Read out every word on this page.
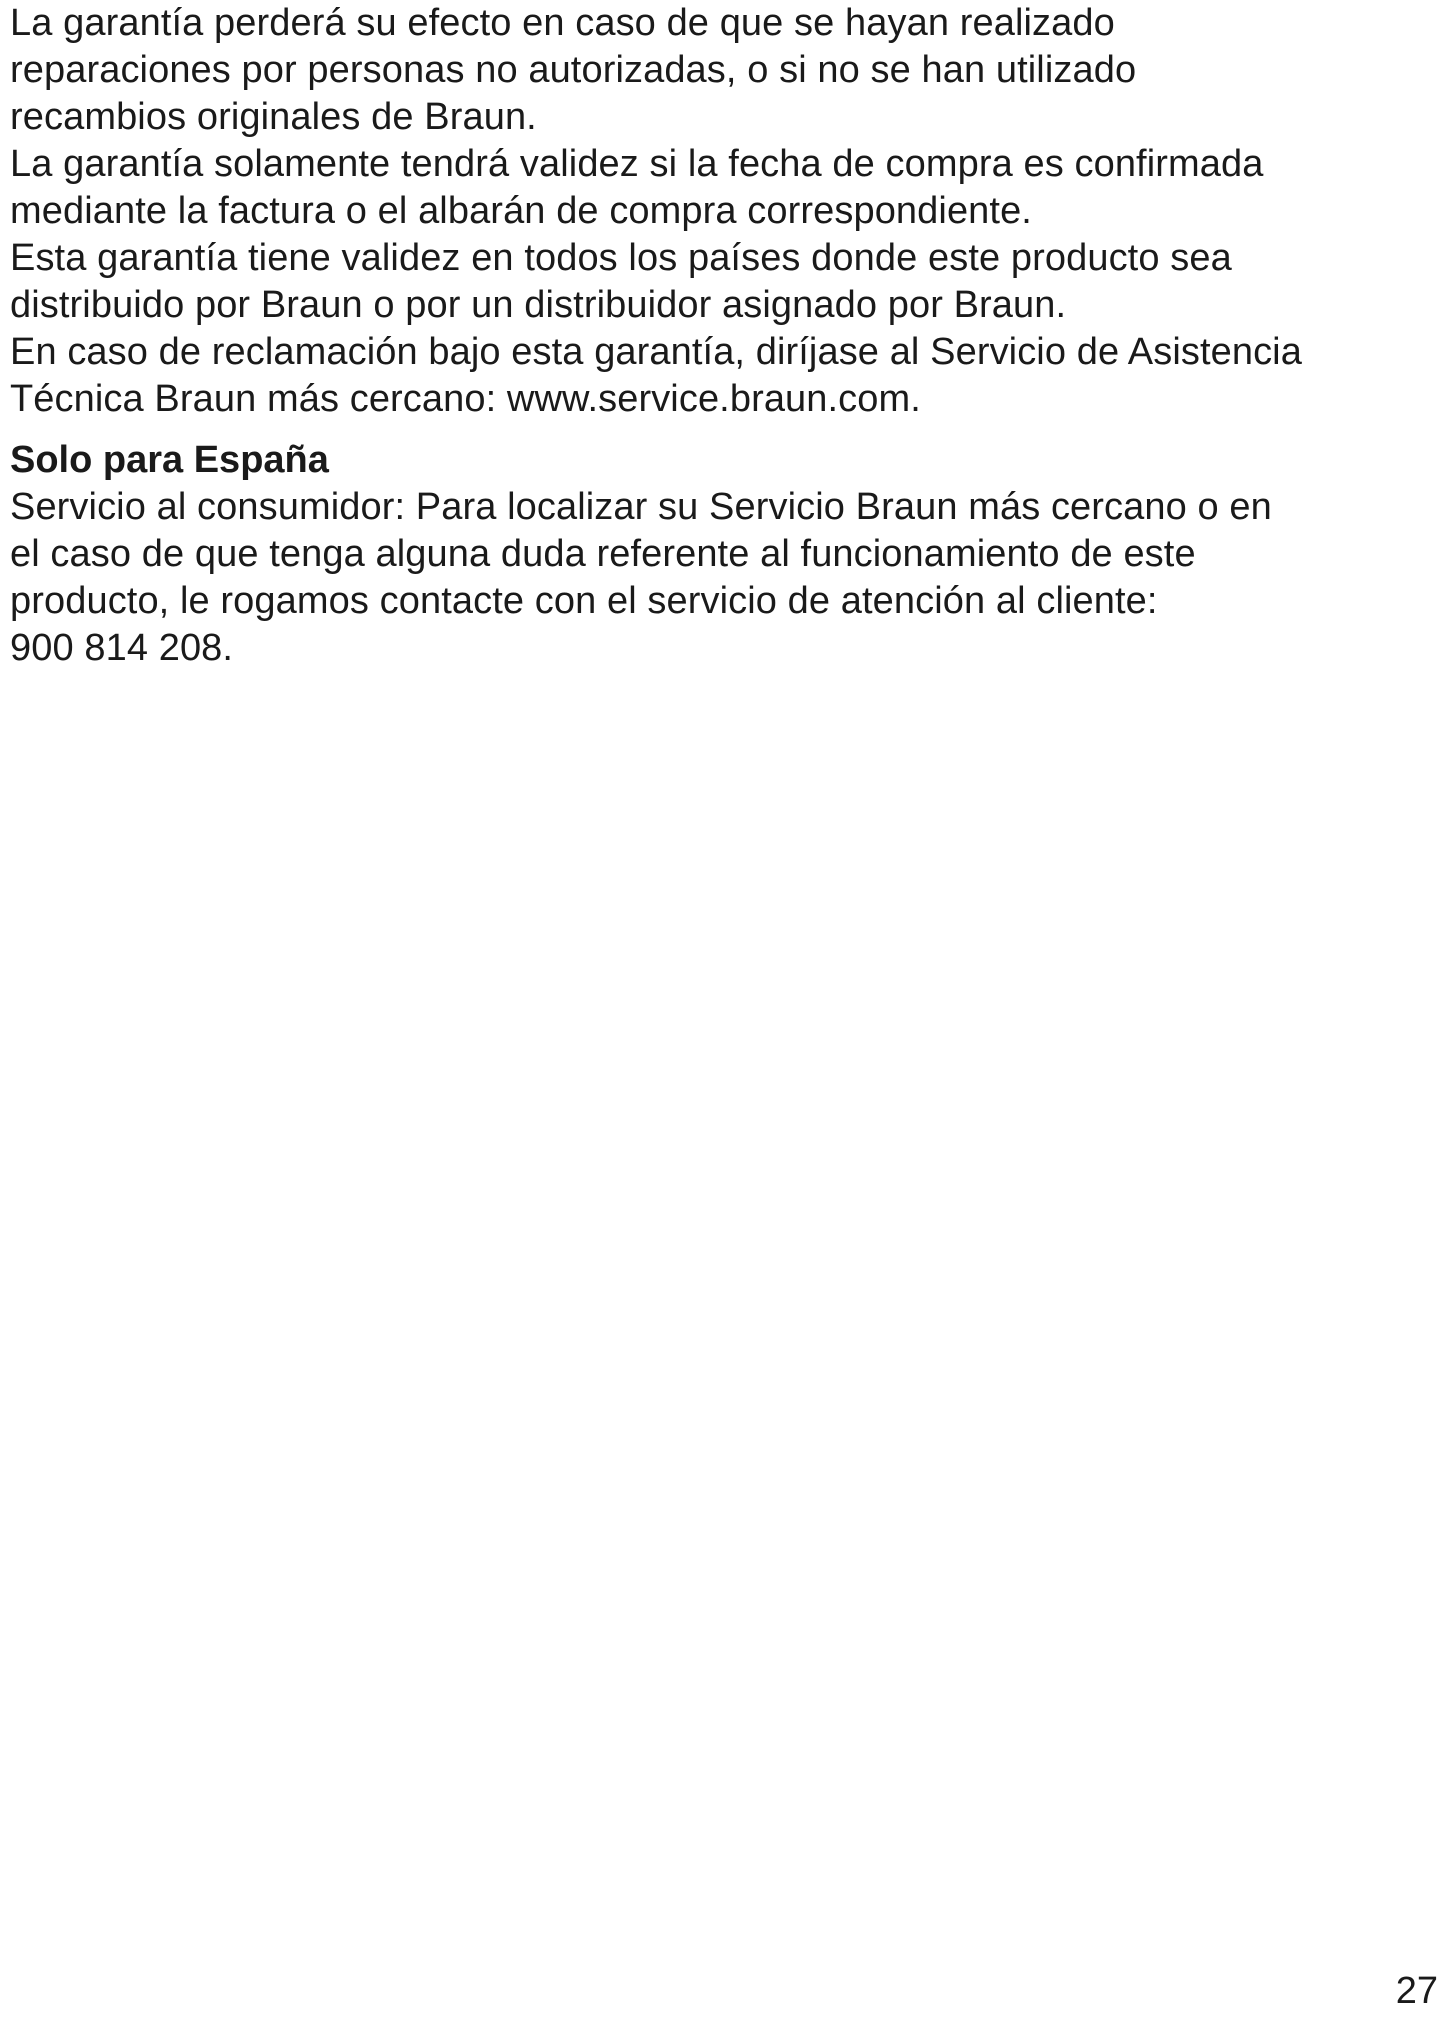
La garantía perderá su efecto en caso de que se hayan realizado
reparaciones por personas no autorizadas, o si no se han utilizado
recambios originales de Braun.
La garantía solamente tendrá validez si la fecha de compra es confirmada
mediante la factura o el albarán de compra correspondiente.
Esta garantía tiene validez en todos los países donde este producto sea
distribuido por Braun o por un distribuidor asignado por Braun.
En caso de reclamación bajo esta garantía, diríjase al Servicio de Asistencia
Técnica Braun más cercano: www.service.braun.com.
Solo para España
Servicio al consumidor: Para localizar su Servicio Braun más cercano o en
el caso de que tenga alguna duda referente al funcionamiento de este
producto, le rogamos contacte con el servicio de atención al cliente:
900 814 208.
27
